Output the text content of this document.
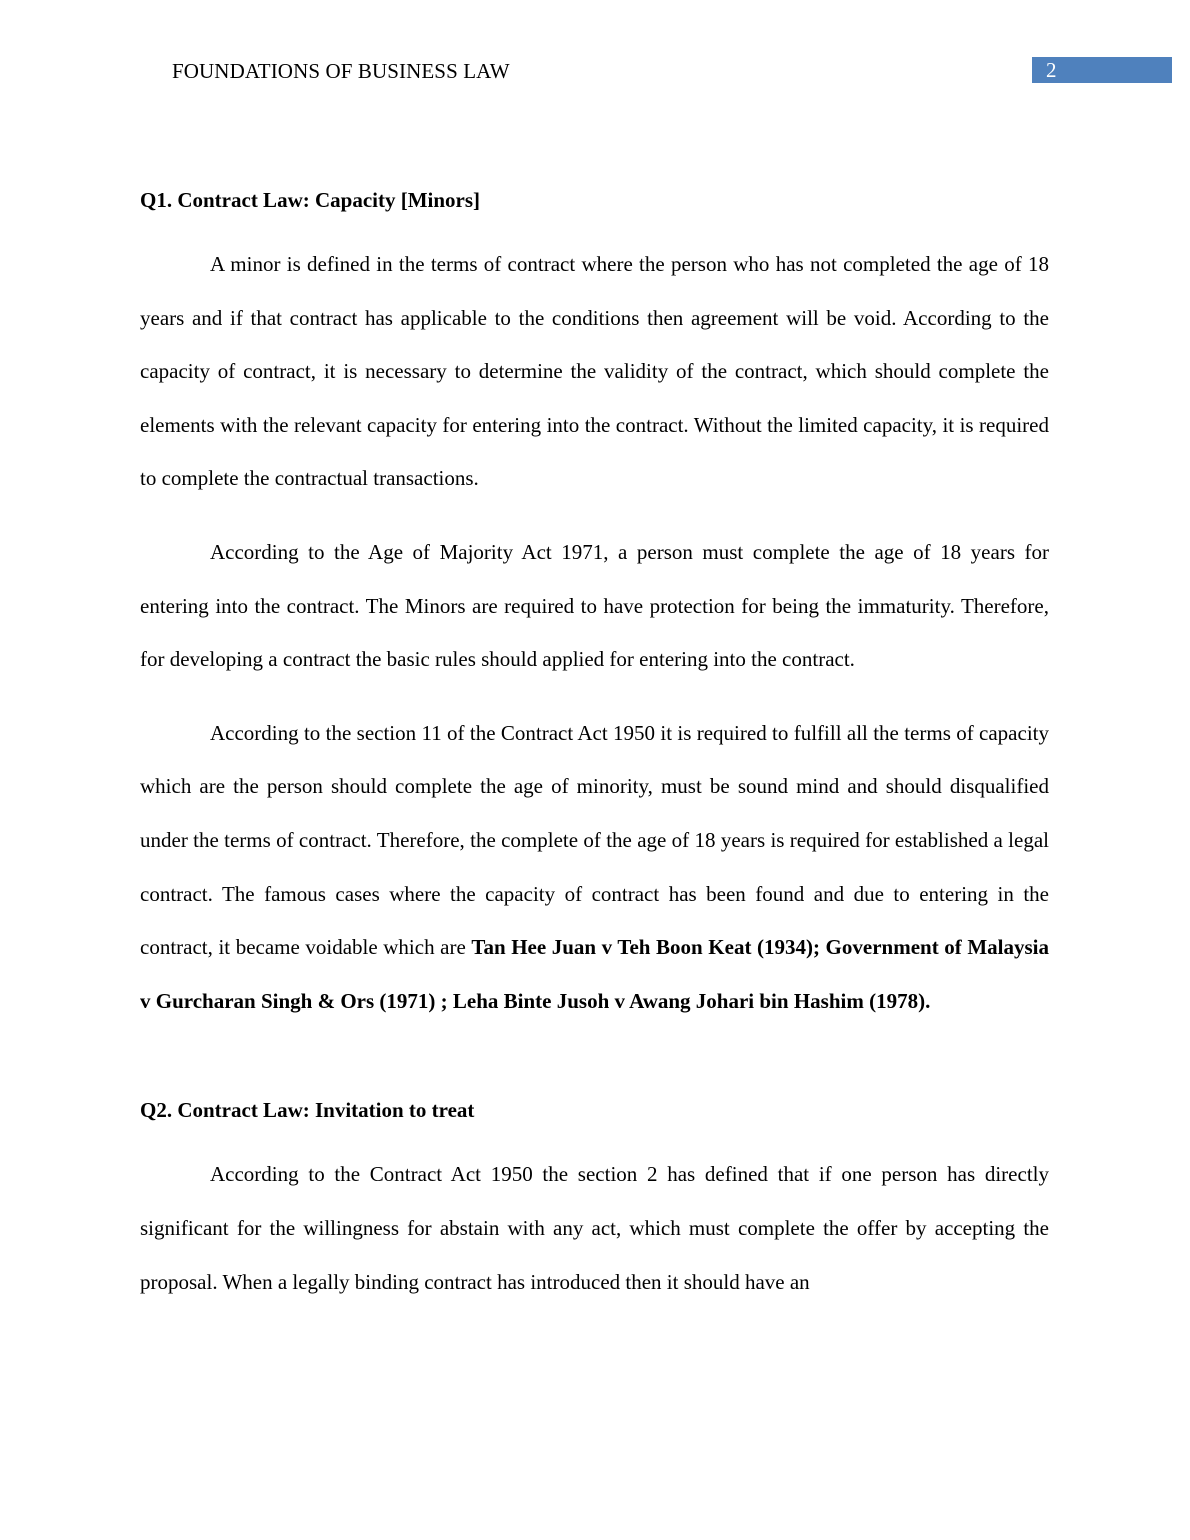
FOUNDATIONS OF BUSINESS LAW	2
Q1. Contract Law: Capacity [Minors]

A minor is defined in the terms of contract where the person who has not completed the age of 18 years and if that contract has applicable to the conditions then agreement will be void. According to the capacity of contract, it is necessary to determine the validity of the contract, which should complete the elements with the relevant capacity for entering into the contract. Without the limited capacity, it is required to complete the contractual transactions.

According to the Age of Majority Act 1971, a person must complete the age of 18 years for entering into the contract. The Minors are required to have protection for being the immaturity. Therefore, for developing a contract the basic rules should applied for entering into the contract.

According to the section 11 of the Contract Act 1950 it is required to fulfill all the terms of capacity which are the person should complete the age of minority, must be sound mind and should disqualified under the terms of contract. Therefore, the complete of the age of 18 years is required for established a legal contract. The famous cases where the capacity of contract has been found and due to entering in the contract, it became voidable which are Tan Hee Juan v Teh Boon Keat (1934); Government of Malaysia v Gurcharan Singh & Ors (1971) ; Leha Binte Jusoh v Awang Johari bin Hashim (1978).

Q2. Contract Law: Invitation to treat

According to the Contract Act 1950 the section 2 has defined that if one person has directly significant for the willingness for abstain with any act, which must complete the offer by accepting the proposal. When a legally binding contract has introduced then it should have an
